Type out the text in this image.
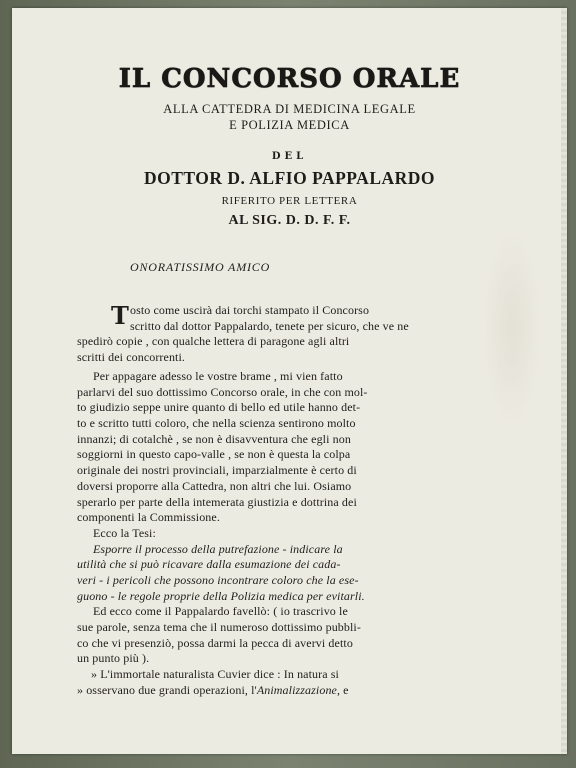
IL CONCORSO ORALE
ALLA CATTEDRA DI MEDICINA LEGALE
E POLIZIA MEDICA
DEL
DOTTOR D. ALFIO PAPPALARDO
RIFERITO PER LETTERA
AL SIG. D. D. F. F.
ONORATISSIMO AMICO
T osto come uscirà dai torchi stampato il Concorso
scritto dal dottor Pappalardo, tenete per sicuro, che ve ne
spedirò copie , con qualche lettera di paragone agli altri
scritti dei concorrenti.
Per appagare adesso le vostre brame , mi vien fatto
parlarvi del suo dottissimo Concorso orale, in che con mol-
to giudizio seppe unire quanto di bello ed utile hanno det-
to e scritto tutti coloro, che nella scienza sentirono molto
innanzi; di cotalchè , se non è disavventura che egli non
soggiorni in questo capo-valle , se non è questa la colpa
originale dei nostri provinciali, imparzialmente è certo di
doversi proporre alla Cattedra, non altri che lui. Osiamo
sperarlo per parte della intemerata giustizia e dottrina dei
componenti la Commissione.
Ecco la Tesi:
Esporre il processo della putrefazione - indicare la
utilità che si può ricavare dalla esumazione dei cada-
veri - i pericoli che possono incontrare coloro che la ese-
guono - le regole proprie della Polizia medica per evitarli.
Ed ecco come il Pappalardo favellò: ( io trascrivo le
sue parole, senza tema che il numeroso dottissimo pubbli-
co che vi presenziò, possa darmi la pecca di avervi detto
un punto più ).
» L'immortale naturalista Cuvier dice : In natura si
» osservano due grandi operazioni, l'Animalizzazione, e
